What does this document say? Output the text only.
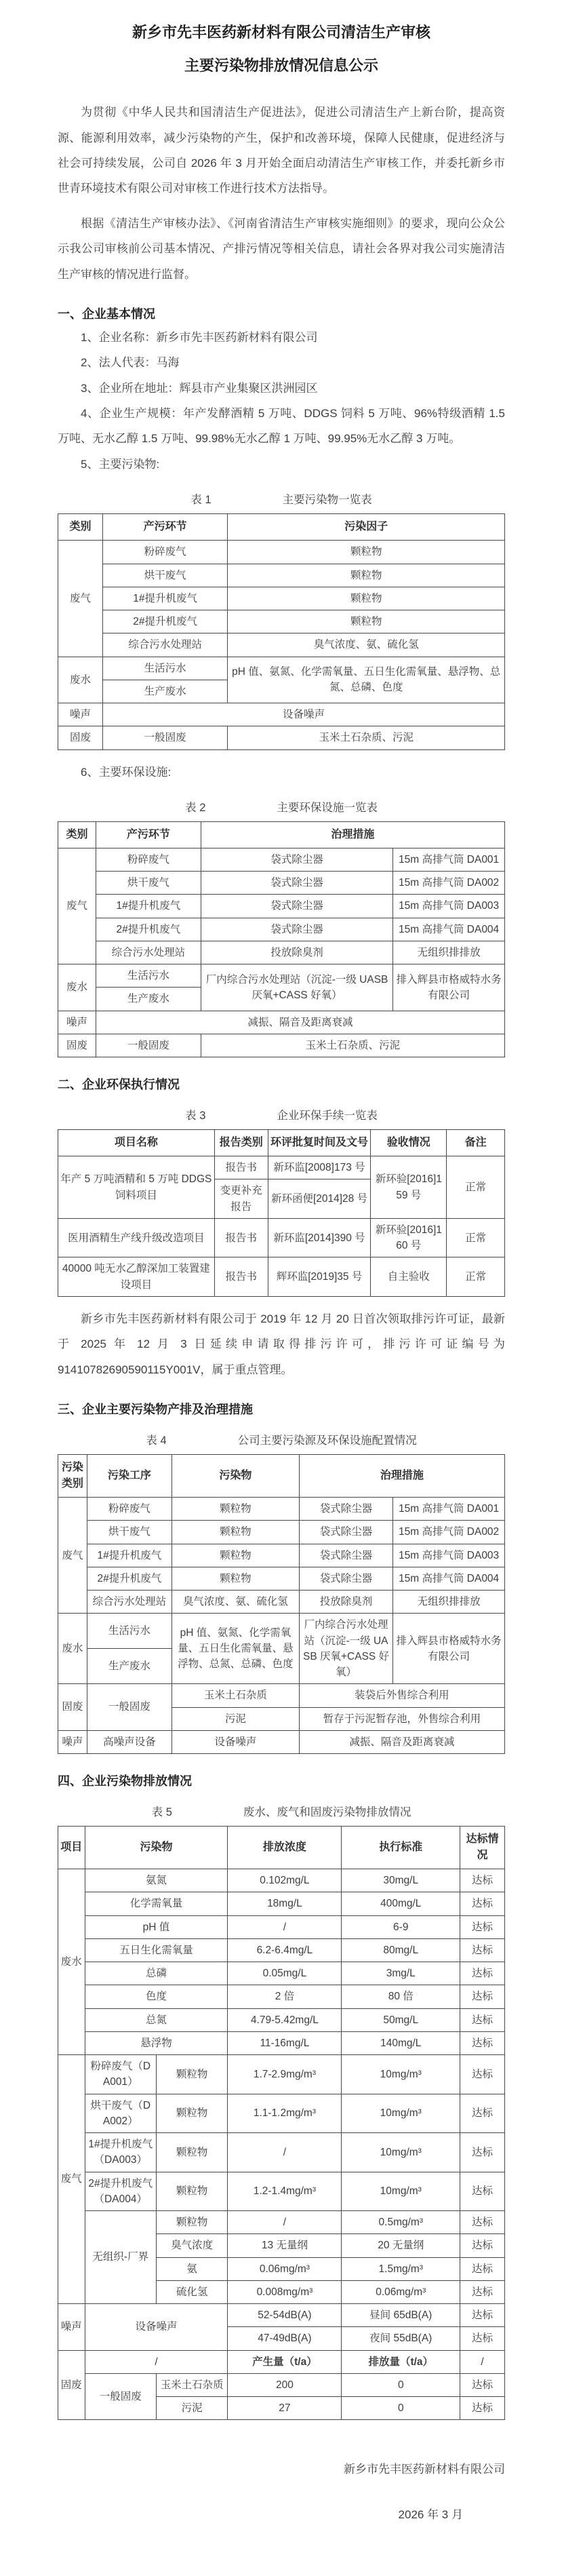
新乡市先丰医药新材料有限公司清洁生产审核
主要污染物排放情况信息公示

为贯彻《中华人民共和国清洁生产促进法》，促进公司清洁生产上新台阶，提高资源、能源利用效率，减少污染物的产生，保护和改善环境，保障人民健康，促进经济与社会可持续发展，公司自 2026 年 3 月开始全面启动清洁生产审核工作，并委托新乡市世青环境技术有限公司对审核工作进行技术方法指导。

根据《清洁生产审核办法》、《河南省清洁生产审核实施细则》的要求，现向公众公示我公司审核前公司基本情况、产排污情况等相关信息，请社会各界对我公司实施清洁生产审核的情况进行监督。

一、企业基本情况

1、企业名称：新乡市先丰医药新材料有限公司

2、法人代表：马海

3、企业所在地址：辉县市产业集聚区洪洲园区

4、企业生产规模：年产发酵酒精 5 万吨、DDGS 饲料 5 万吨、96%特级酒精 1.5 万吨、无水乙醇 1.5 万吨、99.98%无水乙醇 1 万吨、99.95%无水乙醇 3 万吨。

5、主要污染物:

表 1	主要污染物一览表
类别	产污环节	污染因子
废气	粉碎废气	颗粒物
	烘干废气	颗粒物
	1#提升机废气	颗粒物
	2#提升机废气	颗粒物
	综合污水处理站	臭气浓度、氨、硫化氢
废水	生活污水	pH 值、氨氮、化学需氧量、五日生化需氧量、悬浮物、总氮、总磷、色度
	生产废水	
噪声	设备噪声	
固废	一般固废	玉米土石杂质、污泥

6、主要环保设施:

表 2	主要环保设施一览表
类别	产污环节	治理措施	
废气	粉碎废气	袋式除尘器	15m 高排气筒 DA001
	烘干废气	袋式除尘器	15m 高排气筒 DA002
	1#提升机废气	袋式除尘器	15m 高排气筒 DA003
	2#提升机废气	袋式除尘器	15m 高排气筒 DA004
	综合污水处理站	投放除臭剂	无组织排排放
废水	生活污水	厂内综合污水处理站（沉淀-一级 UASB 厌氧+CASS 好氧）	排入辉县市格威特水务有限公司
	生产废水		
噪声	减振、隔音及距离衰减		
固废	一般固废	玉米土石杂质、污泥	
二、企业环保执行情况
表 3	企业环保手续一览表
项目名称	报告类别	环评批复时间及文号	验收情况	备注
年产 5 万吨酒精和 5 万吨 DDGS 饲料项目	报告书	新环监[2008]173 号	新环验[2016]159 号	正常
	变更补充报告	新环函便[2014]28 号		
医用酒精生产线升级改造项目	报告书	新环监[2014]390 号	新环验[2016]160 号	正常
40000 吨无水乙醇深加工装置建设项目	报告书	辉环监[2019]35 号	自主验收	正常

新乡市先丰医药新材料有限公司于 2019 年 12 月 20 日首次领取排污许可证，最新于 2025 年 12 月 3 日延续申请取得排污许可，排污许可证编号为 91410782690590115Y001V，属于重点管理。

三、企业主要污染物产排及治理措施
表 4	公司主要污染源及环保设施配置情况
污染类别	污染工序	污染物	治理措施	
废气	粉碎废气	颗粒物	袋式除尘器	15m 高排气筒 DA001
	烘干废气	颗粒物	袋式除尘器	15m 高排气筒 DA002
	1#提升机废气	颗粒物	袋式除尘器	15m 高排气筒 DA003
	2#提升机废气	颗粒物	袋式除尘器	15m 高排气筒 DA004
	综合污水处理站	臭气浓度、氨、硫化氢	投放除臭剂	无组织排排放
废水	生活污水	pH 值、氨氮、化学需氧量、五日生化需氧量、悬浮物、总氮、总磷、色度	厂内综合污水处理站（沉淀-一级 UASB 厌氧+CASS 好氧）	排入辉县市格威特水务有限公司
	生产废水			
固废	一般固废	玉米土石杂质	装袋后外售综合利用	
		污泥	暂存于污泥暂存池，外售综合利用	
噪声	高噪声设备	设备噪声	减振、隔音及距离衰减	
四、企业污染物排放情况
表 5	废水、废气和固废污染物排放情况
项目	污染物		排放浓度	执行标准	达标情况
废水	氨氮		0.102mg/L	30mg/L	达标
	化学需氧量		18mg/L	400mg/L	达标
	pH 值		/	6-9	达标
	五日生化需氧量		6.2-6.4mg/L	80mg/L	达标
	总磷		0.05mg/L	3mg/L	达标
	色度		2 倍	80 倍	达标
	总氮		4.79-5.42mg/L	50mg/L	达标
	悬浮物		11-16mg/L	140mg/L	达标
废气	粉碎废气（DA001）	颗粒物	1.7-2.9mg/m³	10mg/m³	达标
	烘干废气（DA002）	颗粒物	1.1-1.2mg/m³	10mg/m³	达标
	1#提升机废气（DA003）	颗粒物	/	10mg/m³	达标
	2#提升机废气（DA004）	颗粒物	1.2-1.4mg/m³	10mg/m³	达标
	无组织-厂界	颗粒物	/	0.5mg/m³	达标
		臭气浓度	13 无量纲	20 无量纲	达标
		氨	0.06mg/m³	1.5mg/m³	达标
		硫化氢	0.008mg/m³	0.06mg/m³	达标
噪声	设备噪声		52-54dB(A)	昼间 65dB(A)	达标
			47-49dB(A)	夜间 55dB(A)	达标
固废	/		产生量（t/a）	排放量（t/a）	/
	一般固废	玉米土石杂质	200	0	达标
		污泥	27	0	达标
新乡市先丰医药新材料有限公司
2026 年 3 月
